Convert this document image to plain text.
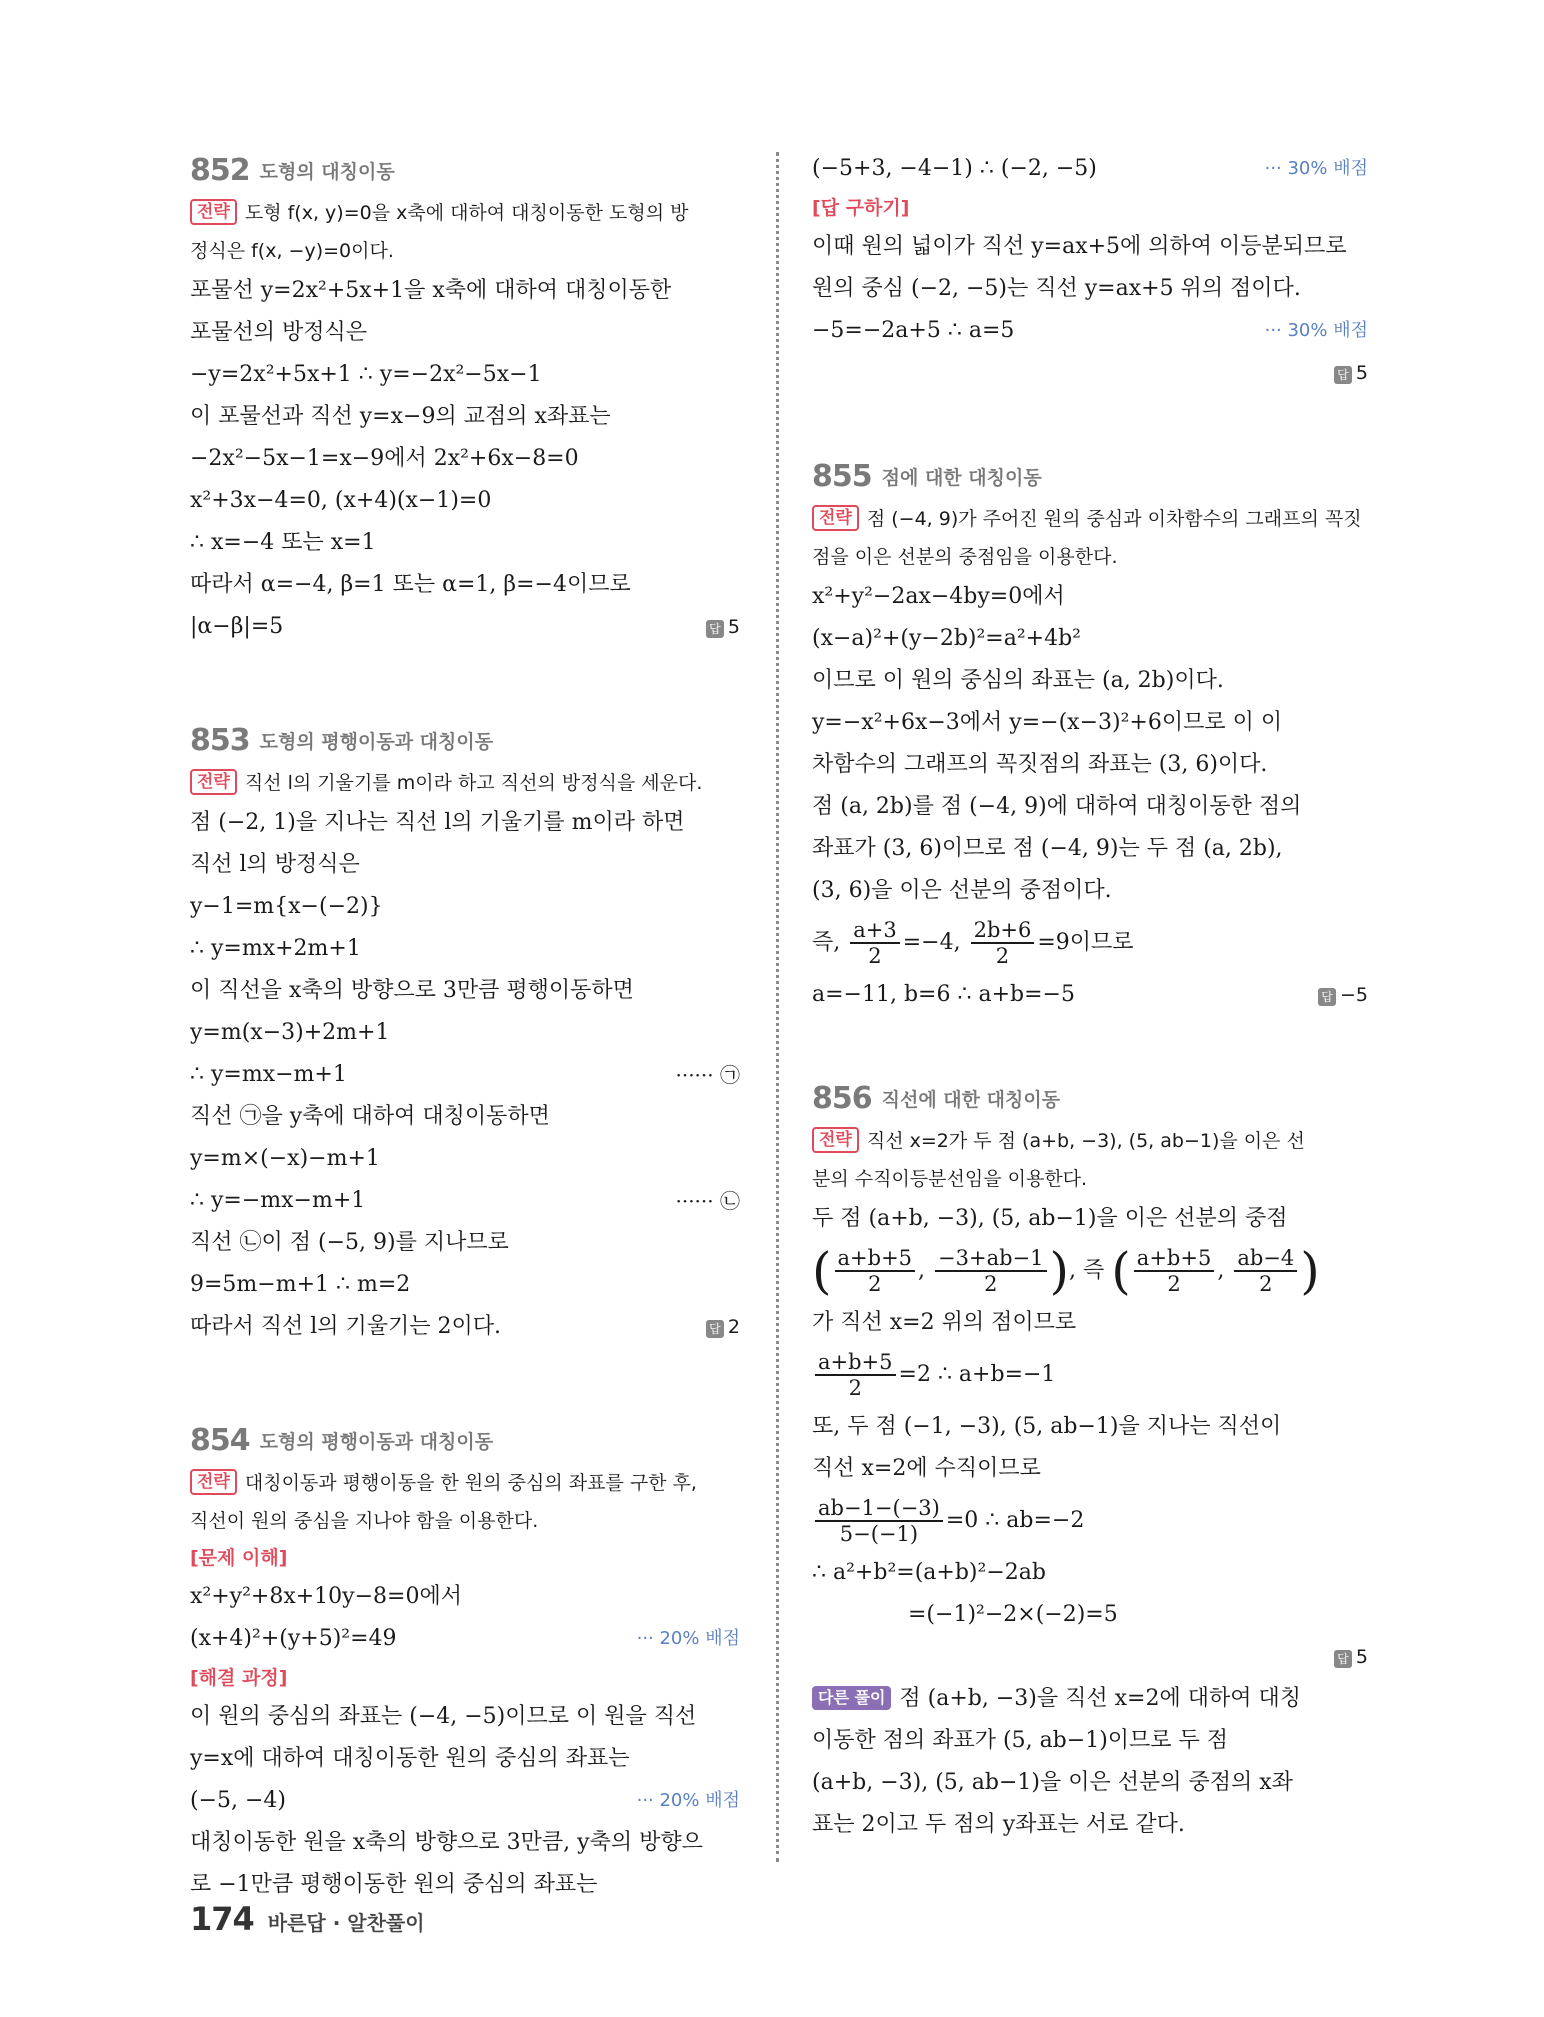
852 도형의 대칭이동
전략 도형 f(x, y)=0을 x축에 대하여 대칭이동한 도형의 방
정식은 f(x, −y)=0이다.
포물선 y=2x²+5x+1을 x축에 대하여 대칭이동한
포물선의 방정식은
−y=2x²+5x+1 ∴ y=−2x²−5x−1
이 포물선과 직선 y=x−9의 교점의 x좌표는
−2x²−5x−1=x−9에서 2x²+6x−8=0
x²+3x−4=0, (x+4)(x−1)=0
∴ x=−4 또는 x=1
따라서 α=−4, β=1 또는 α=1, β=−4이므로
|α−β|=5	답 5
853 도형의 평행이동과 대칭이동
전략 직선 l의 기울기를 m이라 하고 직선의 방정식을 세운다.
점 (−2, 1)을 지나는 직선 l의 기울기를 m이라 하면
직선 l의 방정식은
y−1=m{x−(−2)}
∴ y=mx+2m+1
이 직선을 x축의 방향으로 3만큼 평행이동하면
y=m(x−3)+2m+1
∴ y=mx−m+1	······ ㉠
직선 ㉠을 y축에 대하여 대칭이동하면
y=m×(−x)−m+1
∴ y=−mx−m+1	······ ㉡
직선 ㉡이 점 (−5, 9)를 지나므로
9=5m−m+1 ∴ m=2
따라서 직선 l의 기울기는 2이다.	답 2
854 도형의 평행이동과 대칭이동
전략 대칭이동과 평행이동을 한 원의 중심의 좌표를 구한 후,
직선이 원의 중심을 지나야 함을 이용한다.
[문제 이해]
x²+y²+8x+10y−8=0에서
(x+4)²+(y+5)²=49	··· 20% 배점
[해결 과정]
이 원의 중심의 좌표는 (−4, −5)이므로 이 원을 직선
y=x에 대하여 대칭이동한 원의 중심의 좌표는
(−5, −4)	··· 20% 배점
대칭이동한 원을 x축의 방향으로 3만큼, y축의 방향으
로 −1만큼 평행이동한 원의 중심의 좌표는
(−5+3, −4−1) ∴ (−2, −5)	··· 30% 배점
[답 구하기]
이때 원의 넓이가 직선 y=ax+5에 의하여 이등분되므로
원의 중심 (−2, −5)는 직선 y=ax+5 위의 점이다.
−5=−2a+5 ∴ a=5	··· 30% 배점
답 5
855 점에 대한 대칭이동
전략 점 (−4, 9)가 주어진 원의 중심과 이차함수의 그래프의 꼭짓
점을 이은 선분의 중점임을 이용한다.
x²+y²−2ax−4by=0에서
(x−a)²+(y−2b)²=a²+4b²
이므로 이 원의 중심의 좌표는 (a, 2b)이다.
y=−x²+6x−3에서 y=−(x−3)²+6이므로 이 이
차함수의 그래프의 꼭짓점의 좌표는 (3, 6)이다.
점 (a, 2b)를 점 (−4, 9)에 대하여 대칭이동한 점의
좌표가 (3, 6)이므로 점 (−4, 9)는 두 점 (a, 2b),
(3, 6)을 이은 선분의 중점이다.
즉, $\frac{a+3}{2} =-4$, $\frac{2b+6}{2} =9$이므로
a=−11, b=6 ∴ a+b=−5	답 −5
856 직선에 대한 대칭이동
전략 직선 x=2가 두 점 (a+b, −3), (5, ab−1)을 이은 선
분의 수직이등분선임을 이용한다.
두 점 (a+b, −3), (5, ab−1)을 이은 선분의 중점
( $\frac{a+b+5}{2}$ , $\frac{-3+ab-1}{2}$ ), 즉 ( $\frac{a+b+5}{2}$ , $\frac{ab-4}{2}$ )
가 직선 x=2 위의 점이므로
$\frac{a+b+5}{2} =2$ ∴ a+b=−1
또, 두 점 (−1, −3), (5, ab−1)을 지나는 직선이
직선 x=2에 수직이므로
$\frac{ab-1-(-3)}{5-(-1)} =0$ ∴ ab=−2
∴ a²+b²=(a+b)²−2ab
=(−1)²−2×(−2)=5
답 5
다른 풀이 점 (a+b, −3)을 직선 x=2에 대하여 대칭
이동한 점의 좌표가 (5, ab−1)이므로 두 점
(a+b, −3), (5, ab−1)을 이은 선분의 중점의 x좌
표는 2이고 두 점의 y좌표는 서로 같다.
174 바른답 · 알찬풀이
